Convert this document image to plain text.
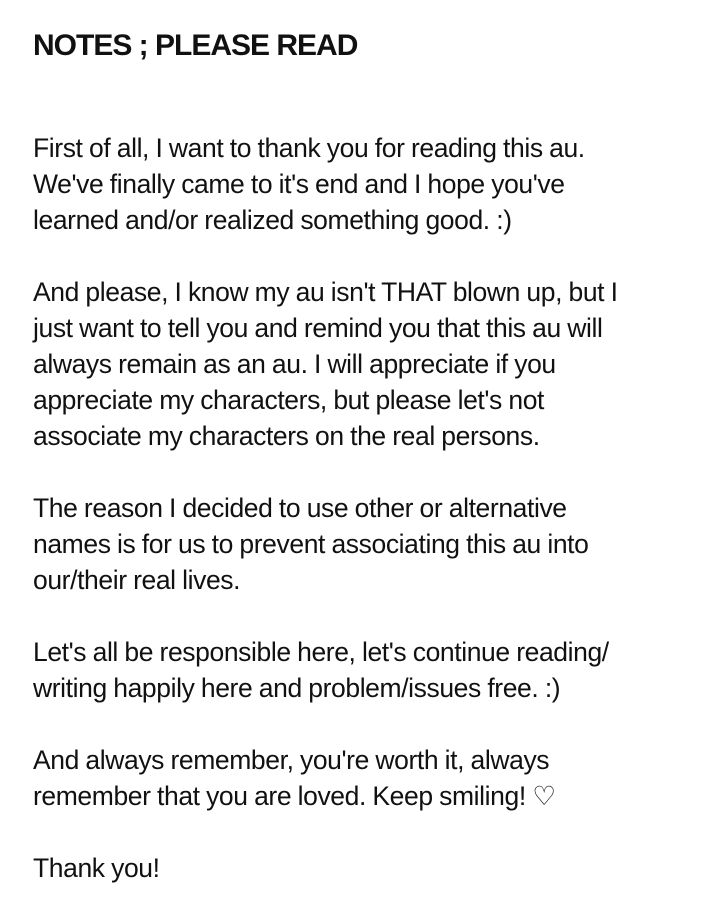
NOTES ; PLEASE READ
First of all, I want to thank you for reading this au.
We've finally came to it's end and I hope you've
learned and/or realized something good. :)
And please, I know my au isn't THAT blown up, but I
just want to tell you and remind you that this au will
always remain as an au. I will appreciate if you
appreciate my characters, but please let's not
associate my characters on the real persons.
The reason I decided to use other or alternative
names is for us to prevent associating this au into
our/their real lives.
Let's all be responsible here, let's continue reading/
writing happily here and problem/issues free. :)
And always remember, you're worth it, always
remember that you are loved. Keep smiling! ♡
Thank you!
